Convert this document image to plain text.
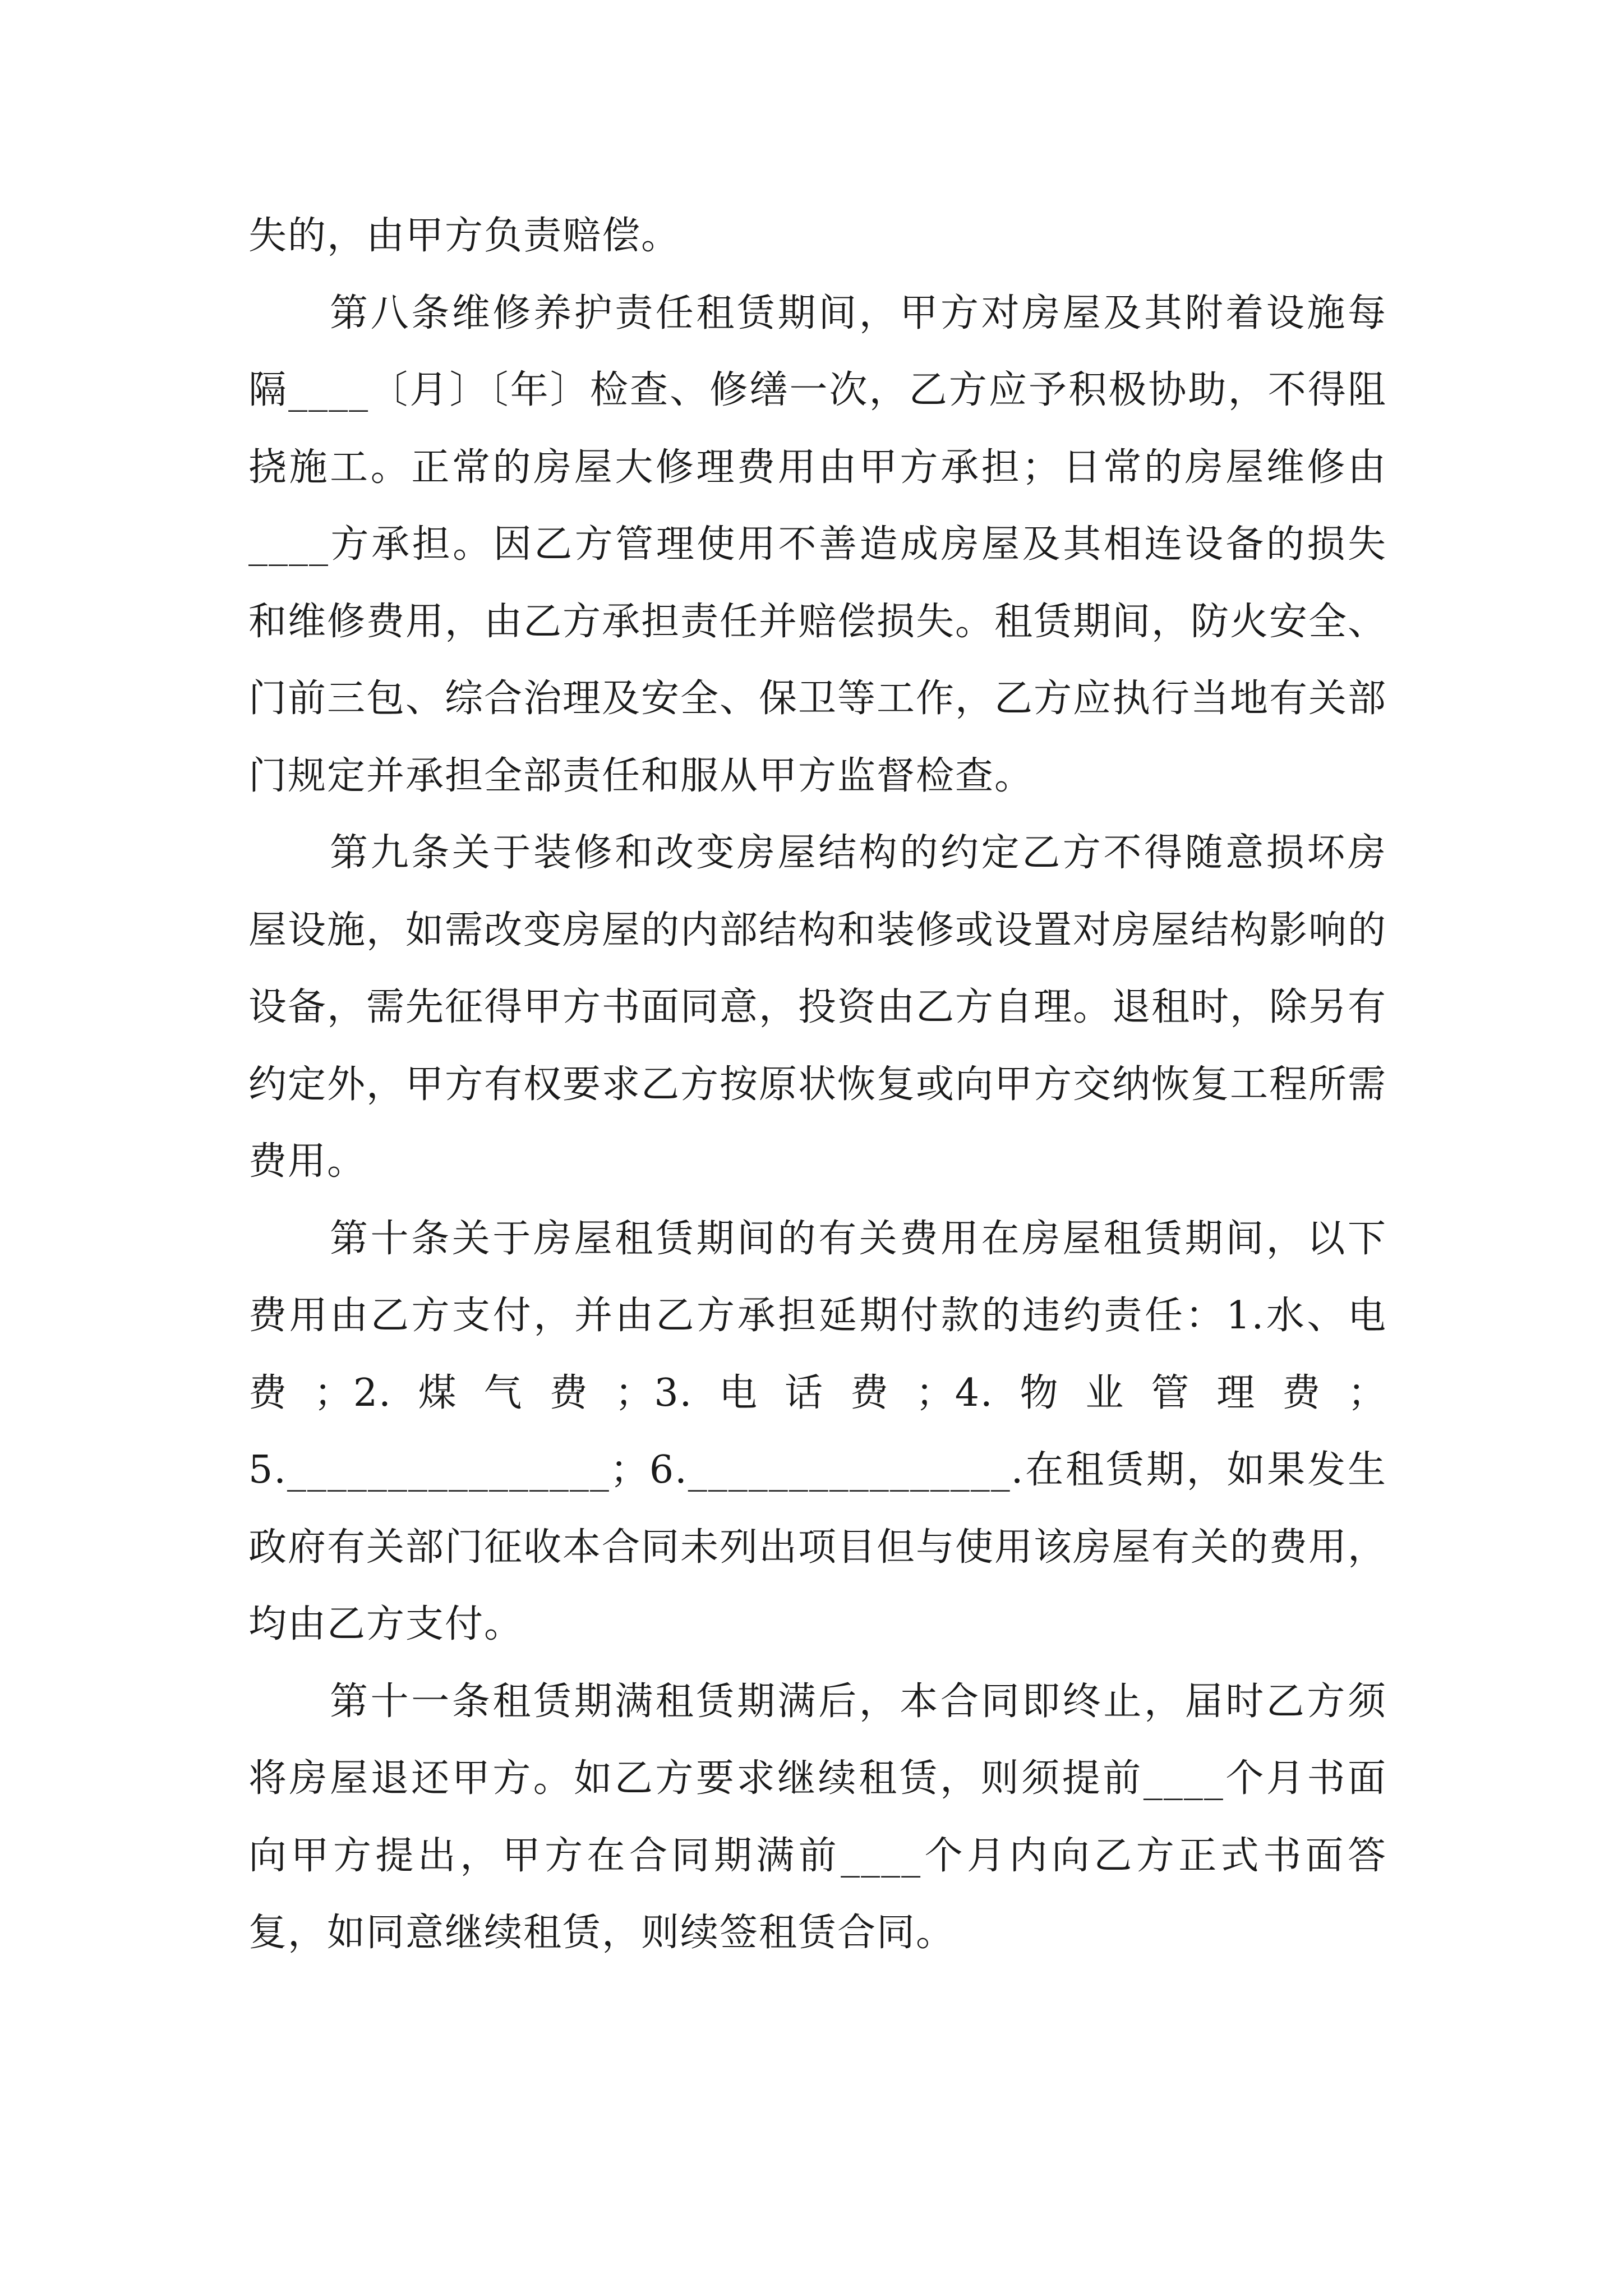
失的，由甲方负责赔偿。

第八条维修养护责任租赁期间，甲方对房屋及其附着设施每隔____〔月〕〔年〕检查、修缮一次，乙方应予积极协助，不得阻挠施工。正常的房屋大修理费用由甲方承担；日常的房屋维修由____方承担。因乙方管理使用不善造成房屋及其相连设备的损失和维修费用，由乙方承担责任并赔偿损失。租赁期间，防火安全、门前三包、综合治理及安全、保卫等工作，乙方应执行当地有关部门规定并承担全部责任和服从甲方监督检查。

第九条关于装修和改变房屋结构的约定乙方不得随意损坏房屋设施，如需改变房屋的内部结构和装修或设置对房屋结构影响的设备，需先征得甲方书面同意，投资由乙方自理。退租时，除另有约定外，甲方有权要求乙方按原状恢复或向甲方交纳恢复工程所需费用。

第十条关于房屋租赁期间的有关费用在房屋租赁期间，以下费用由乙方支付，并由乙方承担延期付款的违约责任：1.水、电费；2.煤气费；3.电话费；4.物业管理费；5.________________；6.________________.在租赁期，如果发生政府有关部门征收本合同未列出项目但与使用该房屋有关的费用，均由乙方支付。

第十一条租赁期满租赁期满后，本合同即终止，届时乙方须将房屋退还甲方。如乙方要求继续租赁，则须提前____个月书面向甲方提出，甲方在合同期满前____个月内向乙方正式书面答复，如同意继续租赁，则续签租赁合同。
